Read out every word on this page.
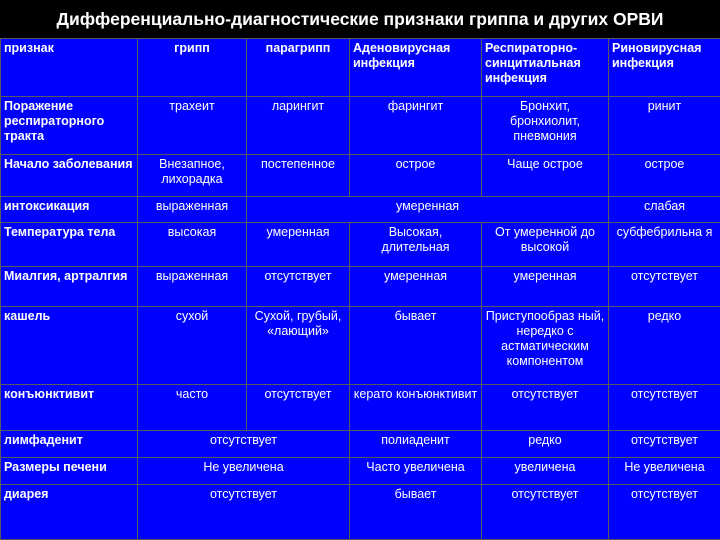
Дифференциально-диагностические признаки гриппа и других ОРВИ
признак	грипп	парагрипп	Аденовирусная инфекция	Респираторно-синцитиальная инфекция	Риновирусная инфекция
Поражение респираторного тракта	трахеит	ларингит	фарингит	Бронхит, бронхиолит, пневмония	ринит
Начало заболевания	Внезапное, лихорадка	постепенное	острое	Чаще острое	острое
интоксикация	выраженная	умеренная			слабая
Температура тела	высокая	умеренная	Высокая, длительная	От умеренной до высокой	субфебрильна я
Миалгия, артралгия	выраженная	отсутствует	умеренная	умеренная	отсутствует
кашель	сухой	Сухой, грубый, «лающий»	бывает	Приступообраз ный, нередко с астматическим компонентом	редко
конъюнктивит	часто	отсутствует	керато конъюнктивит	отсутствует	отсутствует
лимфаденит	отсутствует		полиаденит	редко	отсутствует
Размеры печени	Не увеличена		Часто увеличена	увеличена	Не увеличена
диарея	отсутствует		бывает	отсутствует	отсутствует
